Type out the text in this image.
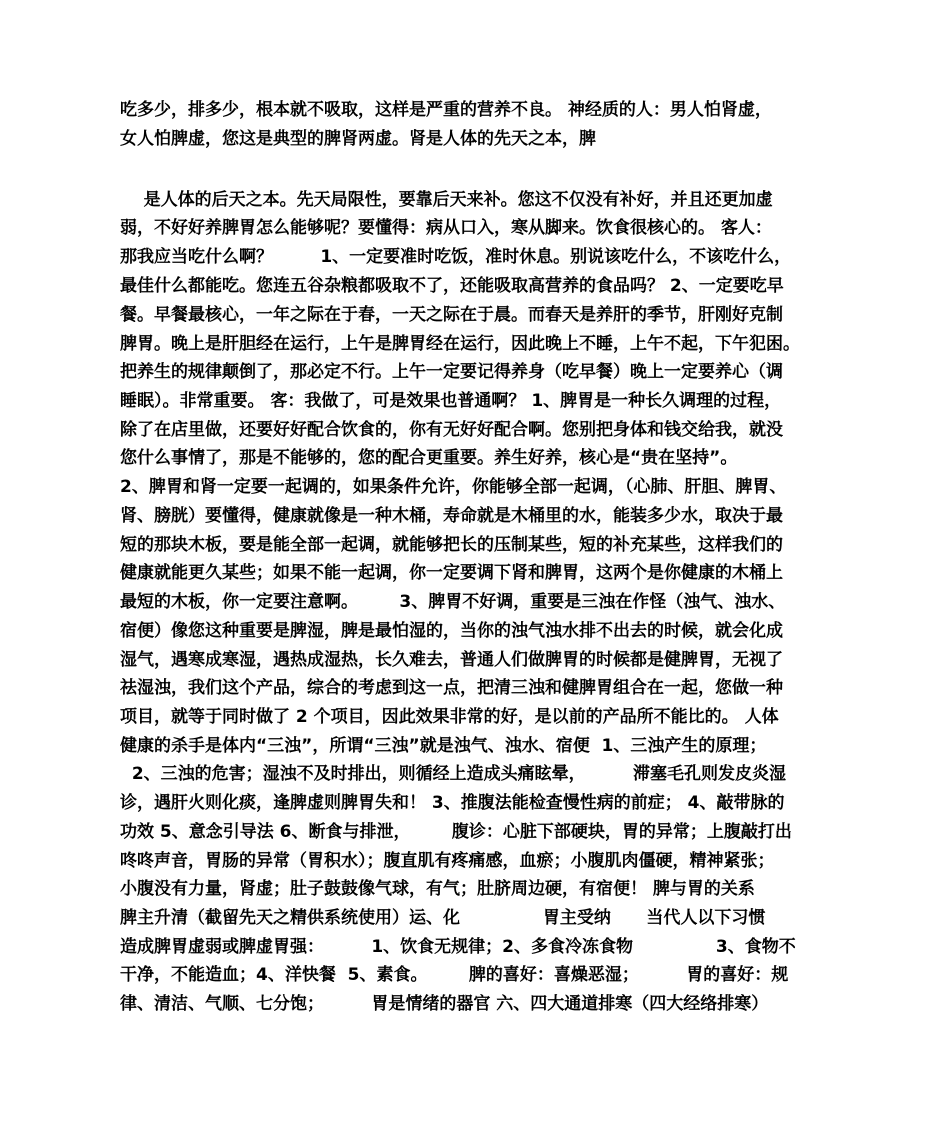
吃多少，排多少，根本就不吸取，这样是严重的营养不良。 神经质的人：男人怕肾虚，
女人怕脾虚，您这是典型的脾肾两虚。肾是人体的先天之本，脾
是人体的后天之本。先天局限性，要靠后天来补。您这不仅没有补好，并且还更加虚
弱，不好好养脾胃怎么能够呢？要懂得：病从口入，寒从脚来。饮食很核心的。 客人：
那我应当吃什么啊？        1、一定要准时吃饭，准时休息。别说该吃什么，不该吃什么，
最佳什么都能吃。您连五谷杂粮都吸取不了，还能吸取高营养的食品吗？ 2、一定要吃早
餐。早餐最核心，一年之际在于春，一天之际在于晨。而春天是养肝的季节，肝刚好克制
脾胃。晚上是肝胆经在运行，上午是脾胃经在运行，因此晚上不睡，上午不起，下午犯困。
把养生的规律颠倒了，那必定不行。上午一定要记得养身（吃早餐）晚上一定要养心（调
睡眠）。非常重要。 客：我做了，可是效果也普通啊？ 1、脾胃是一种长久调理的过程，
除了在店里做，还要好好配合饮食的，你有无好好配合啊。您别把身体和钱交给我，就没
您什么事情了，那是不能够的，您的配合更重要。养生好养，核心是“贵在坚持”。
2、脾胃和肾一定要一起调的，如果条件允许，你能够全部一起调，（心肺、肝胆、脾胃、
肾、膀胱）要懂得，健康就像是一种木桶，寿命就是木桶里的水，能装多少水，取决于最
短的那块木板，要是能全部一起调，就能够把长的压制某些，短的补充某些，这样我们的
健康就能更久某些；如果不能一起调，你一定要调下肾和脾胃，这两个是你健康的木桶上
最短的木板，你一定要注意啊。       3、脾胃不好调，重要是三浊在作怪（浊气、浊水、
宿便）像您这种重要是脾湿，脾是最怕湿的，当你的浊气浊水排不出去的时候，就会化成
湿气，遇寒成寒湿，遇热成湿热，长久难去，普通人们做脾胃的时候都是健脾胃，无视了
祛湿浊，我们这个产品，综合的考虑到这一点，把清三浊和健脾胃组合在一起，您做一种
项目，就等于同时做了 2 个项目，因此效果非常的好，是以前的产品所不能比的。 人体
健康的杀手是体内“三浊”，所谓“三浊”就是浊气、浊水、宿便  1、三浊产生的原理；
2、三浊的危害；湿浊不及时排出，则循经上造成头痛眩晕，        滞塞毛孔则发皮炎湿
诊，遇肝火则化痰，逢脾虚则脾胃失和！ 3、推腹法能检查慢性病的前症； 4、敲带脉的
功效 5、意念引导法 6、断食与排泄，       腹诊：心脏下部硬块，胃的异常；上腹敲打出
咚咚声音，胃肠的异常（胃积水）；腹直肌有疼痛感，血瘀；小腹肌肉僵硬，精神紧张；
小腹没有力量，肾虚；肚子鼓鼓像气球，有气；肚脐周边硬，有宿便！ 脾与胃的关系
脾主升清（截留先天之精供系统使用）运、化              胃主受纳      当代人以下习惯
造成脾胃虚弱或脾虚胃强：        1、饮食无规律；2、多食冷冻食物              3、食物不
干净，不能造血；4、洋快餐  5、素食。       脾的喜好：喜燥恶湿；        胃的喜好：规
律、清洁、气顺、七分饱；        胃是情绪的器官 六、四大通道排寒（四大经络排寒）
